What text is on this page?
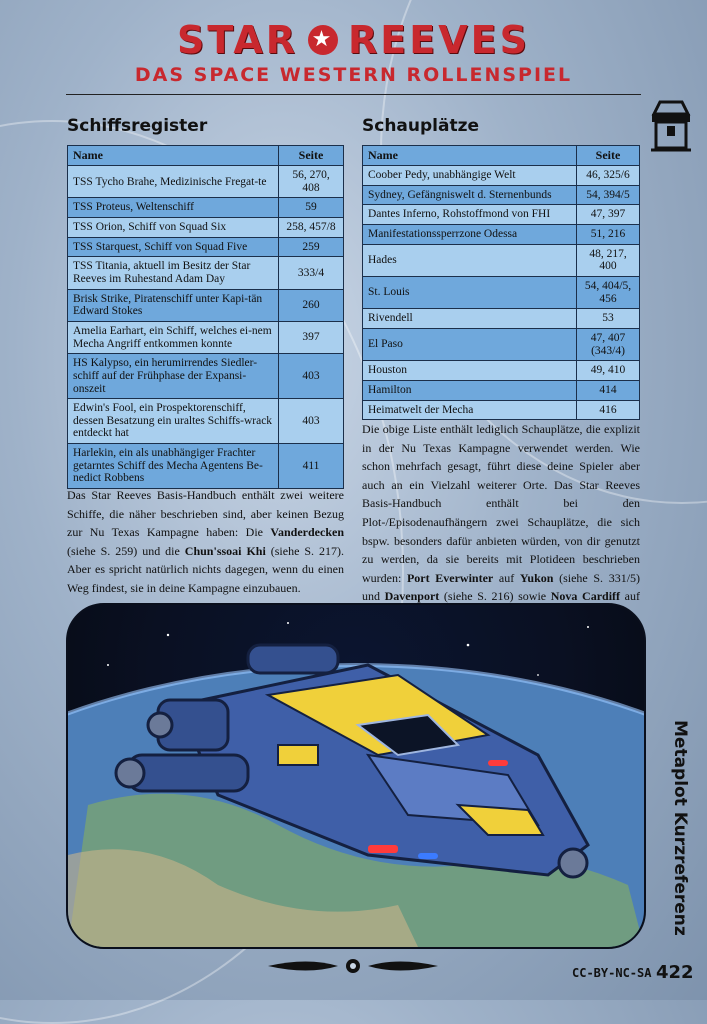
STAR ★ REEVES
DAS SPACE WESTERN ROLLENSPIEL
Schiffsregister	Schauplätze
Name	Seite
TSS Tycho Brahe, Medizinische Fregat-te	56, 270, 408
TSS Proteus, Weltenschiff	59
TSS Orion, Schiff von Squad Six	258, 457/8
TSS Starquest, Schiff von Squad Five	259
TSS Titania, aktuell im Besitz der Star Reeves im Ruhestand Adam Day	333/4
Brisk Strike, Piratenschiff unter Kapi-tän Edward Stokes	260
Amelia Earhart, ein Schiff, welches ei-nem Mecha Angriff entkommen konnte	397
HS Kalypso, ein herumirrendes Siedler-schiff auf der Frühphase der Expansi-onszeit	403
Edwin's Fool, ein Prospektorenschiff, dessen Besatzung ein uraltes Schiffs-wrack entdeckt hat	403
Harlekin, ein als unabhängiger Frachter getarntes Schiff des Mecha Agentens Be-nedict Robbens	411
Name	Seite
Coober Pedy, unabhängige Welt	46, 325/6
Sydney, Gefängniswelt d. Sternenbunds	54, 394/5
Dantes Inferno, Rohstoffmond von FHI	47, 397
Manifestationssperrzone Odessa	51, 216
Hades	48, 217, 400
St. Louis	54, 404/5, 456
Rivendell	53
El Paso	47, 407 (343/4)
Houston	49, 410
Hamilton	414
Heimatwelt der Mecha	416
Das Star Reeves Basis-Handbuch enthält zwei weitere Schiffe, die näher beschrieben sind, aber keinen Bezug zur Nu Texas Kampagne haben: Die Vanderdecken (siehe S. 259) und die Chun'ssoai Khi (siehe S. 217). Aber es spricht natürlich nichts dagegen, wenn du einen Weg findest, sie in deine Kampagne einzubauen.
Die obige Liste enthält lediglich Schauplätze, die explizit in der Nu Texas Kampagne verwendet werden. Wie schon mehrfach gesagt, führt diese deine Spieler aber auch an ein Vielzahl weiterer Orte. Das Star Reeves Basis-Handbuch enthält bei den Plot-/Episodenaufhängern zwei Schauplätze, die sich bspw. besonders dafür anbieten würden, von dir genutzt zu werden, da sie bereits mit Plotideen beschrieben wurden: Port Everwinter auf Yukon (siehe S. 331/5) und Davenport (siehe S. 216) sowie Nova Cardiff auf
Metaplot Kurzreferenz
CC-BY-NC-SA 422
